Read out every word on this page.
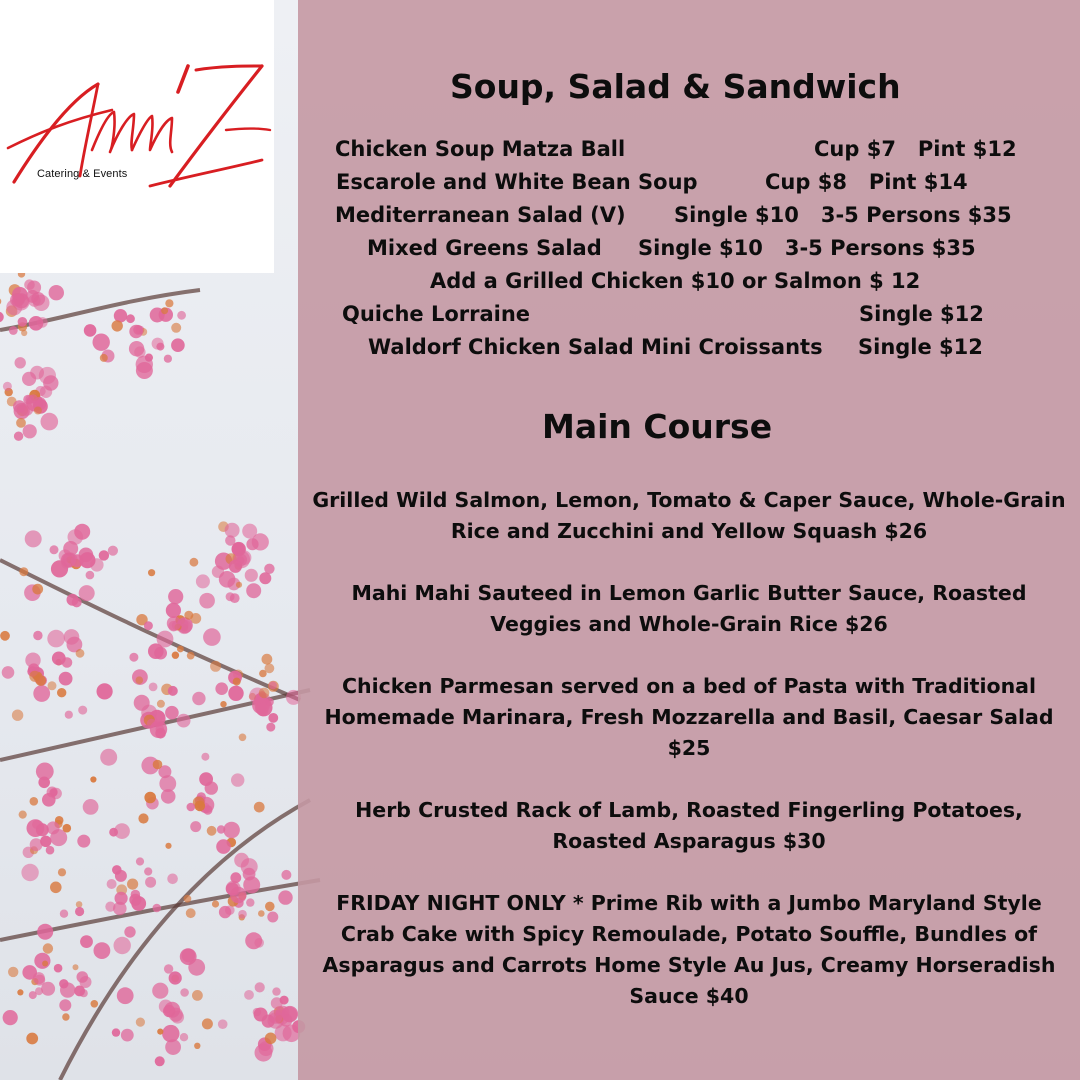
Catering & Events
Soup, Salad & Sandwich
Chicken Soup Matza Ball	Cup $7   Pint $12
Escarole and White Bean Soup	Cup $8   Pint $14
Mediterranean Salad (V) Single $10   3-5 Persons $35
Mixed Greens Salad Single $10   3-5 Persons $35
Add a Grilled Chicken $10 or Salmon $ 12
Quiche Lorraine	Single $12
Waldorf Chicken Salad Mini Croissants Single $12
Main Course
Grilled Wild Salmon, Lemon, Tomato & Caper Sauce, Whole-Grain
Rice and Zucchini and Yellow Squash $26
Mahi Mahi Sauteed in Lemon Garlic Butter Sauce, Roasted
Veggies and Whole-Grain Rice $26
Chicken Parmesan served on a bed of Pasta with Traditional
Homemade Marinara, Fresh Mozzarella and Basil, Caesar Salad
$25
Herb Crusted Rack of Lamb, Roasted Fingerling Potatoes,
Roasted Asparagus $30
FRIDAY NIGHT ONLY * Prime Rib with a Jumbo Maryland Style
Crab Cake with Spicy Remoulade, Potato Souffle, Bundles of
Asparagus and Carrots Home Style Au Jus, Creamy Horseradish
Sauce $40
